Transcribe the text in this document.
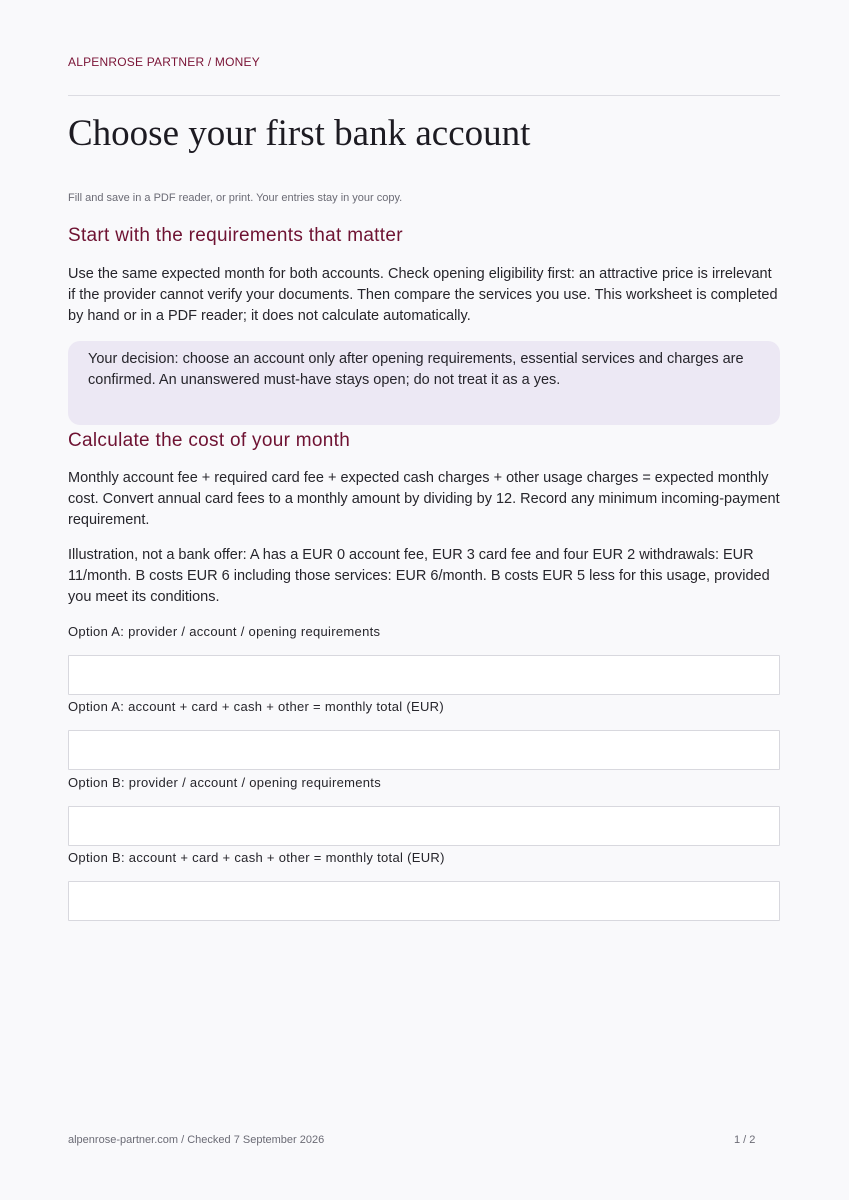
ALPENROSE PARTNER / MONEY
Choose your first bank account
Fill and save in a PDF reader, or print. Your entries stay in your copy.
Start with the requirements that matter

Use the same expected month for both accounts. Check opening eligibility first: an attractive price is irrelevant if the provider cannot verify your documents. Then compare the services you use. This worksheet is completed by hand or in a PDF reader; it does not calculate automatically.

Your decision: choose an account only after opening requirements, essential services and charges are confirmed. An unanswered must-have stays open; do not treat it as a yes.
Calculate the cost of your month

Monthly account fee + required card fee + expected cash charges + other usage charges = expected monthly cost. Convert annual card fees to a monthly amount by dividing by 12. Record any minimum incoming-payment requirement.

Illustration, not a bank offer: A has a EUR 0 account fee, EUR 3 card fee and four EUR 2 withdrawals: EUR 11/month. B costs EUR 6 including those services: EUR 6/month. B costs EUR 5 less for this usage, provided you meet its conditions.

Option A: provider / account / opening requirements
Option A: account + card + cash + other = monthly total (EUR)
Option B: provider / account / opening requirements
Option B: account + card + cash + other = monthly total (EUR)
alpenrose-partner.com / Checked 7 September 2026	1 / 2
